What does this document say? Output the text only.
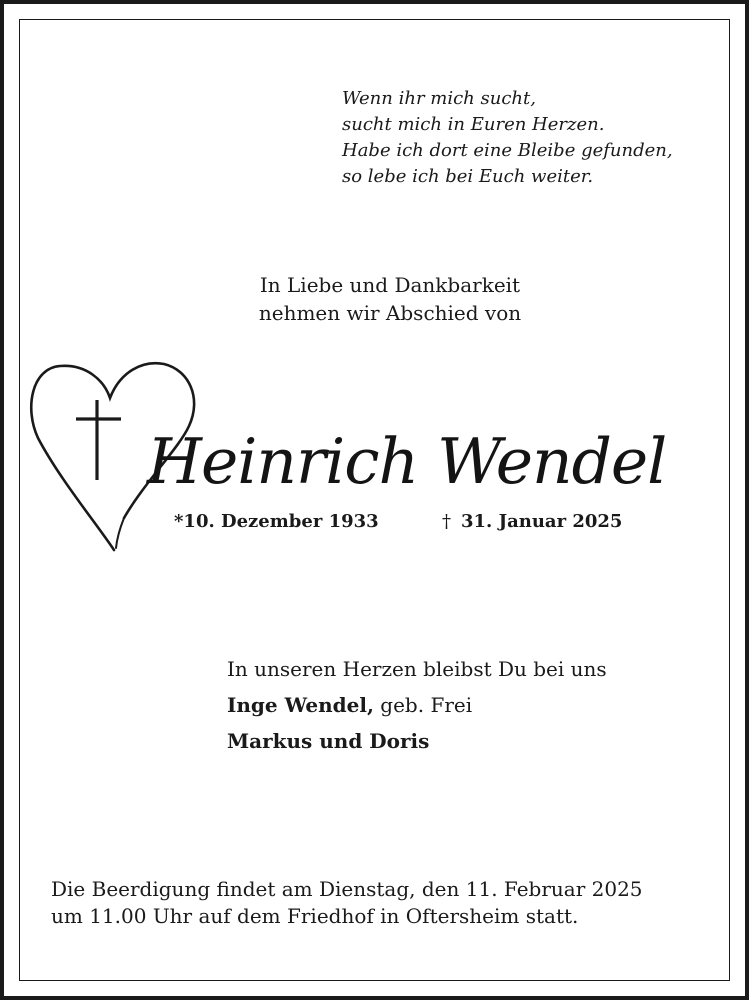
Wenn ihr mich sucht,
sucht mich in Euren Herzen.
Habe ich dort eine Bleibe gefunden,
so lebe ich bei Euch weiter.
In Liebe und Dankbarkeit
nehmen wir Abschied von
Heinrich Wendel
*10. Dezember 1933	† 31. Januar 2025
In unseren Herzen bleibst Du bei uns
Inge Wendel, geb. Frei
Markus und Doris
Die Beerdigung findet am Dienstag, den 11. Februar 2025
um 11.00 Uhr auf dem Friedhof in Oftersheim statt.
